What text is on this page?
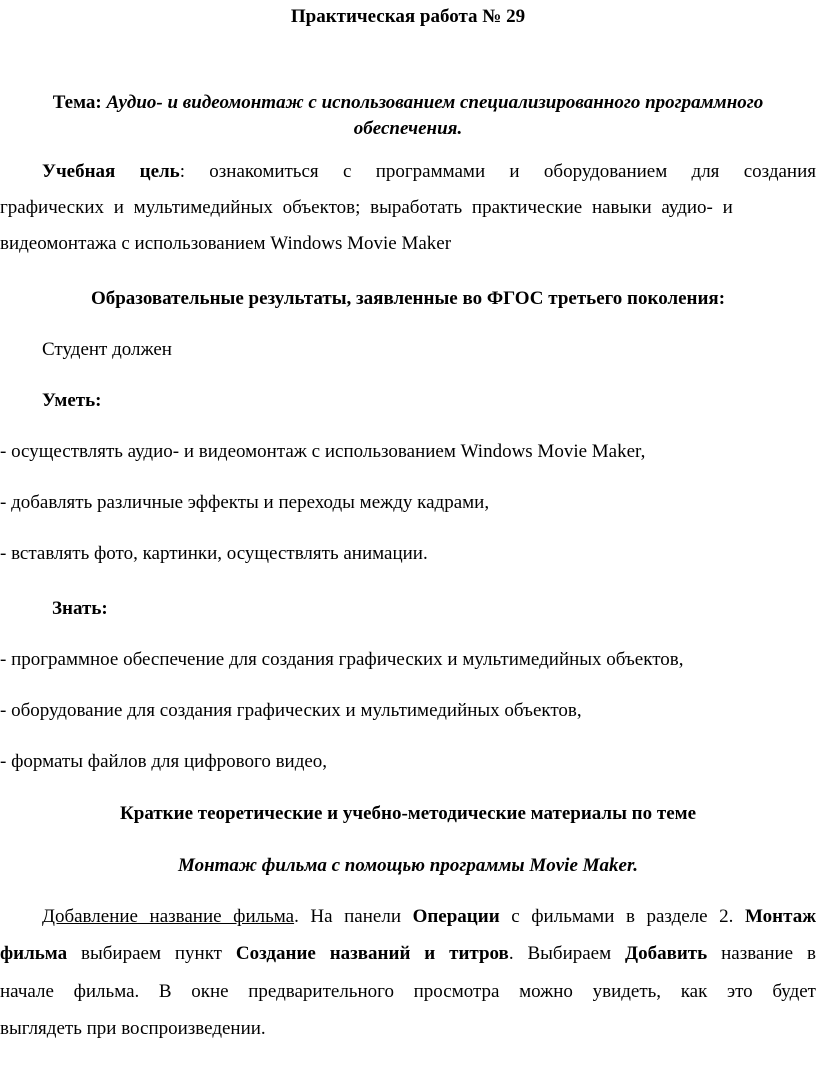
Практическая работа № 29
Тема: Аудио- и видеомонтаж с использованием специализированного программного
обеспечения.
Учебная цель: ознакомиться с программами и оборудованием для создания
графических и мультимедийных объектов; выработать практические навыки аудио- и
видеомонтажа с использованием Windows Movie Maker
Образовательные результаты, заявленные во ФГОС третьего поколения:
Студент должен
Уметь:
- осуществлять аудио- и видеомонтаж с использованием Windows Movie Maker,
- добавлять различные эффекты и переходы между кадрами,
- вставлять фото, картинки, осуществлять анимации.
Знать:
- программное обеспечение для создания графических и мультимедийных объектов,
- оборудование для создания графических и мультимедийных объектов,
- форматы файлов для цифрового видео,
Краткие теоретические и учебно-методические материалы по теме
Монтаж фильма с помощью программы Movie Maker.
Добавление название фильма. На панели Операции с фильмами в разделе 2. Монтаж
фильма выбираем пункт Создание названий и титров. Выбираем Добавить название в
начале фильма. В окне предварительного просмотра можно увидеть, как это будет
выглядеть при воспроизведении.
